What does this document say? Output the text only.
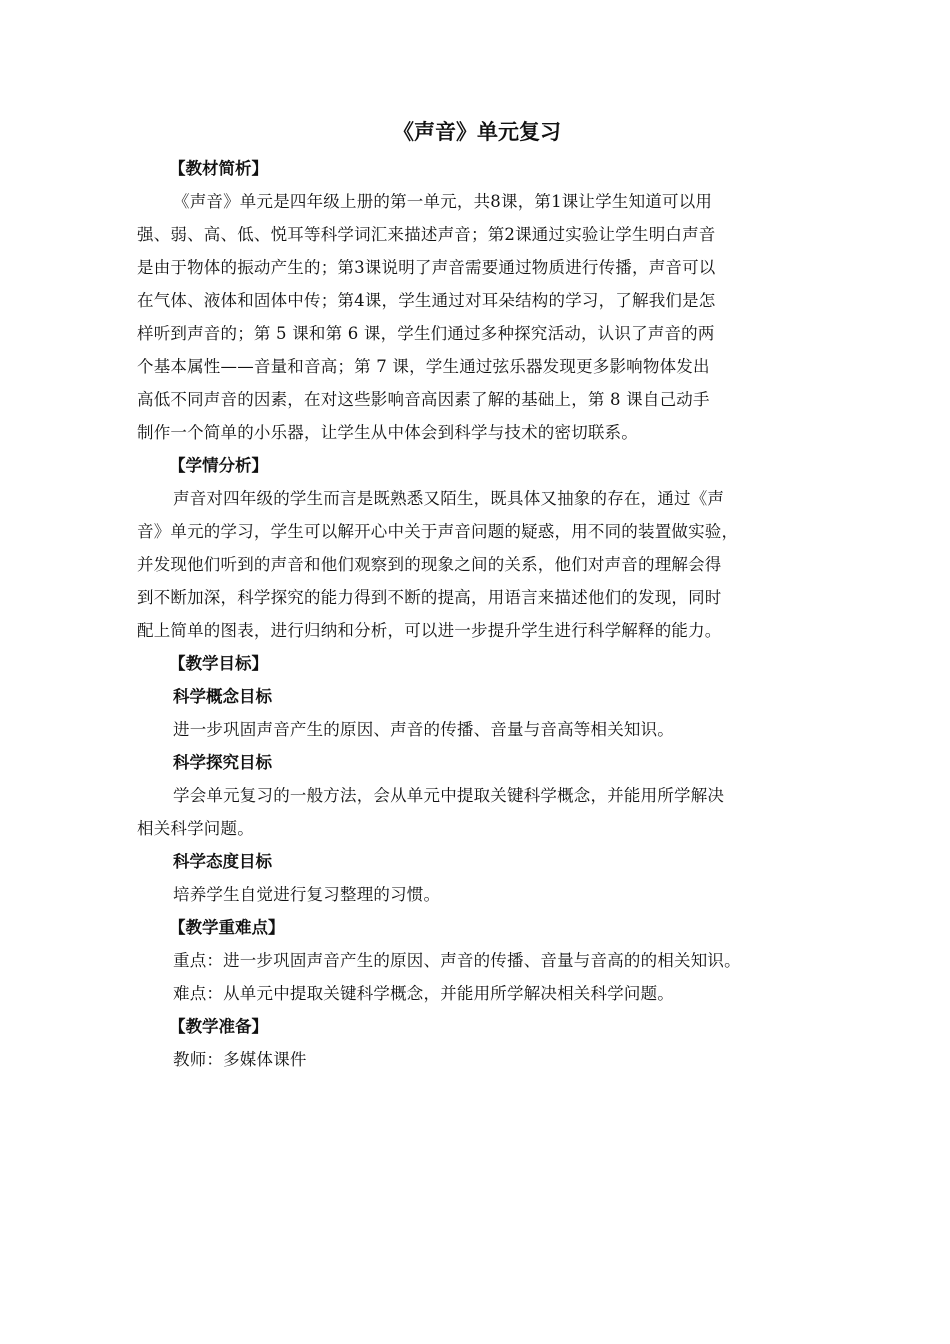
《声音》单元复习
【教材简析】
《声音》单元是四年级上册的第一单元，共8课，第1课让学生知道可以用
强、弱、高、低、悦耳等科学词汇来描述声音；第2课通过实验让学生明白声音
是由于物体的振动产生的；第3课说明了声音需要通过物质进行传播，声音可以
在气体、液体和固体中传；第4课，学生通过对耳朵结构的学习，了解我们是怎
样听到声音的；第 5 课和第 6 课，学生们通过多种探究活动，认识了声音的两
个基本属性——音量和音高；第 7 课，学生通过弦乐器发现更多影响物体发出
高低不同声音的因素，在对这些影响音高因素了解的基础上，第 8 课自己动手
制作一个简单的小乐器，让学生从中体会到科学与技术的密切联系。
【学情分析】
声音对四年级的学生而言是既熟悉又陌生，既具体又抽象的存在，通过《声
音》单元的学习，学生可以解开心中关于声音问题的疑惑，用不同的装置做实验，
并发现他们听到的声音和他们观察到的现象之间的关系，他们对声音的理解会得
到不断加深，科学探究的能力得到不断的提高，用语言来描述他们的发现，同时
配上简单的图表，进行归纳和分析，可以进一步提升学生进行科学解释的能力。
【教学目标】
科学概念目标
进一步巩固声音产生的原因、声音的传播、音量与音高等相关知识。
科学探究目标
学会单元复习的一般方法，会从单元中提取关键科学概念，并能用所学解决
相关科学问题。
科学态度目标
培养学生自觉进行复习整理的习惯。
【教学重难点】
重点：进一步巩固声音产生的原因、声音的传播、音量与音高的的相关知识。
难点：从单元中提取关键科学概念，并能用所学解决相关科学问题。
【教学准备】
教师：多媒体课件
